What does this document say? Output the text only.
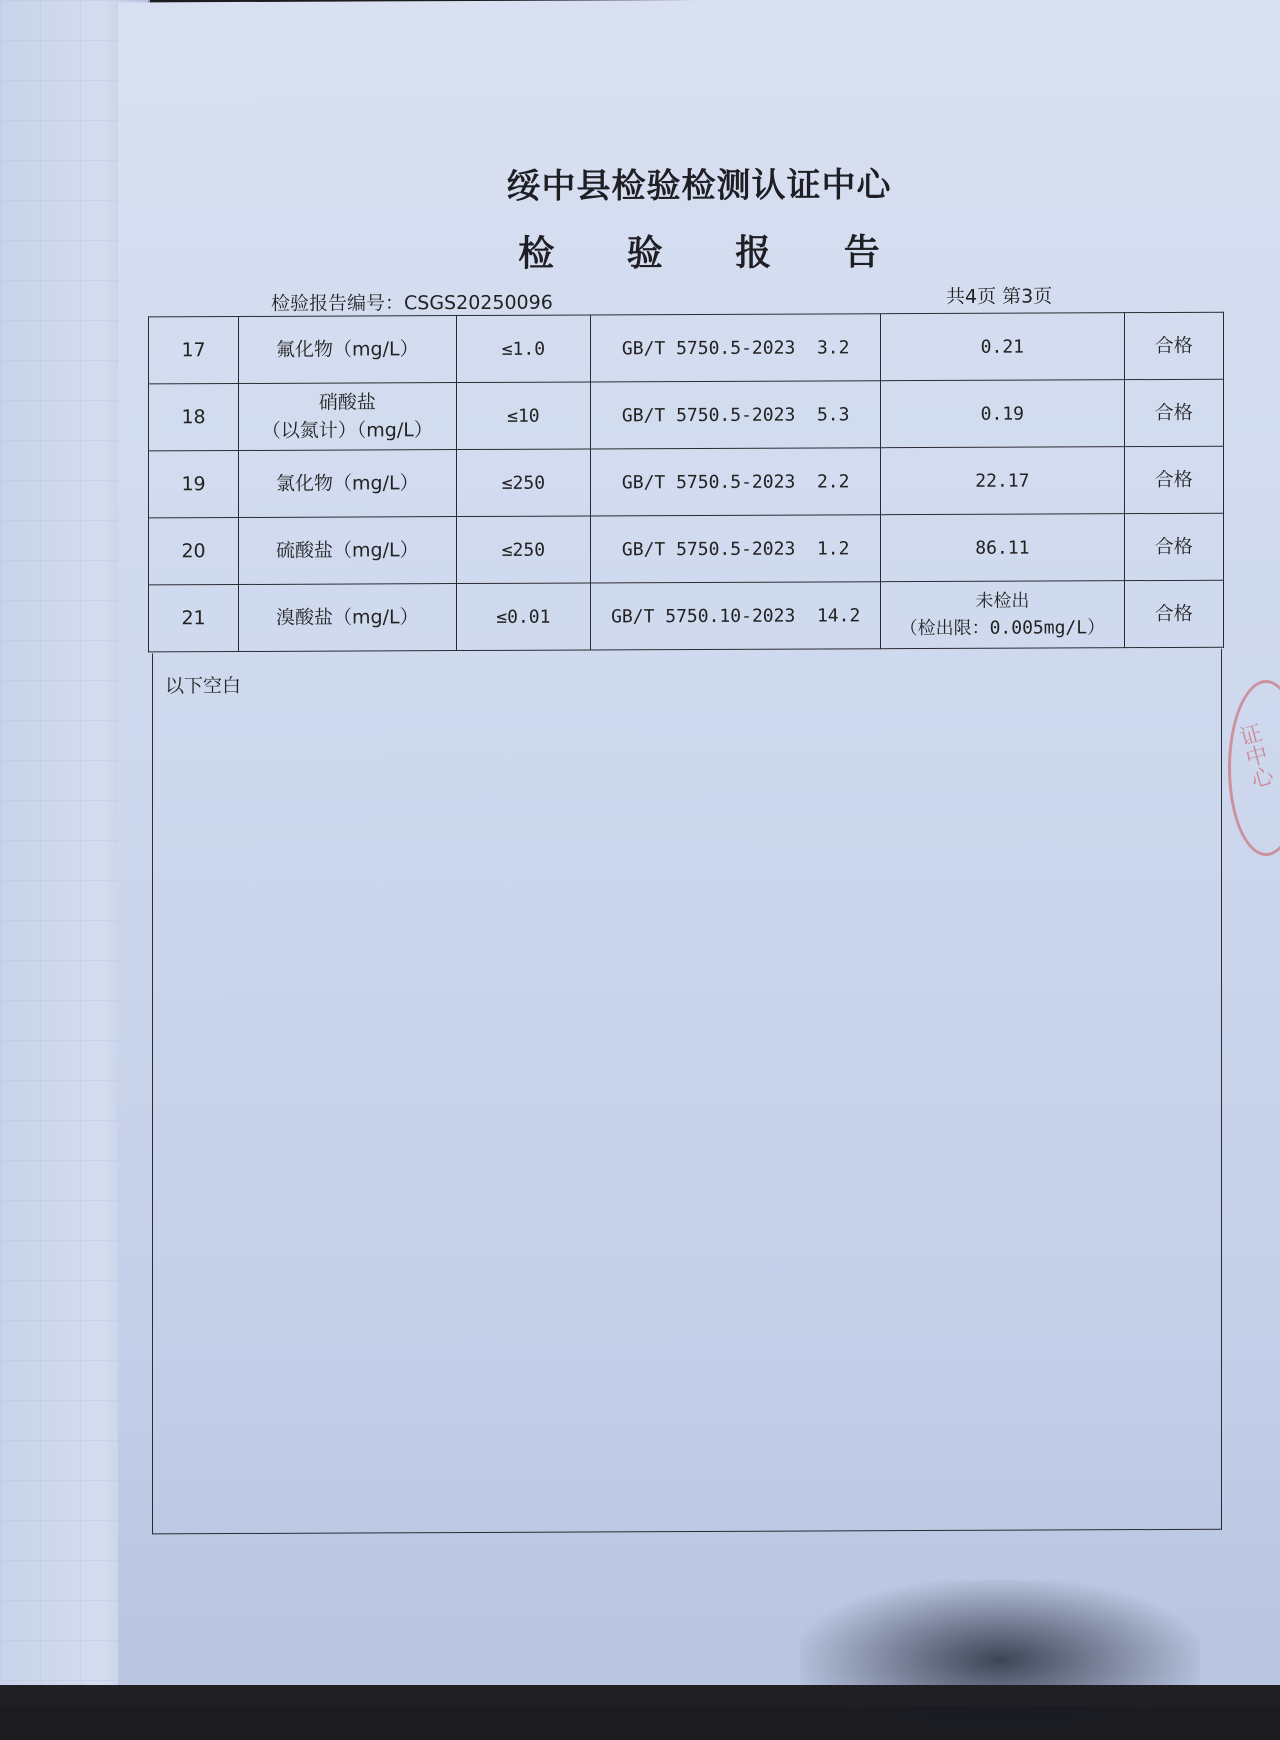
绥中县检验检测认证中心
检 验 报 告
检验报告编号：CSGS20250096	共4页 第3页
17	氟化物（mg/L）	≤1.0	GB/T 5750.5-2023  3.2	0.21	合格

18	硝酸盐
（以氮计）（mg/L）	≤10	GB/T 5750.5-2023  5.3	0.19	合格

19	氯化物（mg/L）	≤250	GB/T 5750.5-2023  2.2	22.17	合格

20	硫酸盐（mg/L）	≤250	GB/T 5750.5-2023  1.2	86.11	合格

21	溴酸盐（mg/L）	≤0.01	GB/T 5750.10-2023  14.2	未检出
（检出限：0.005mg/L）	合格
以下空白
证中心
